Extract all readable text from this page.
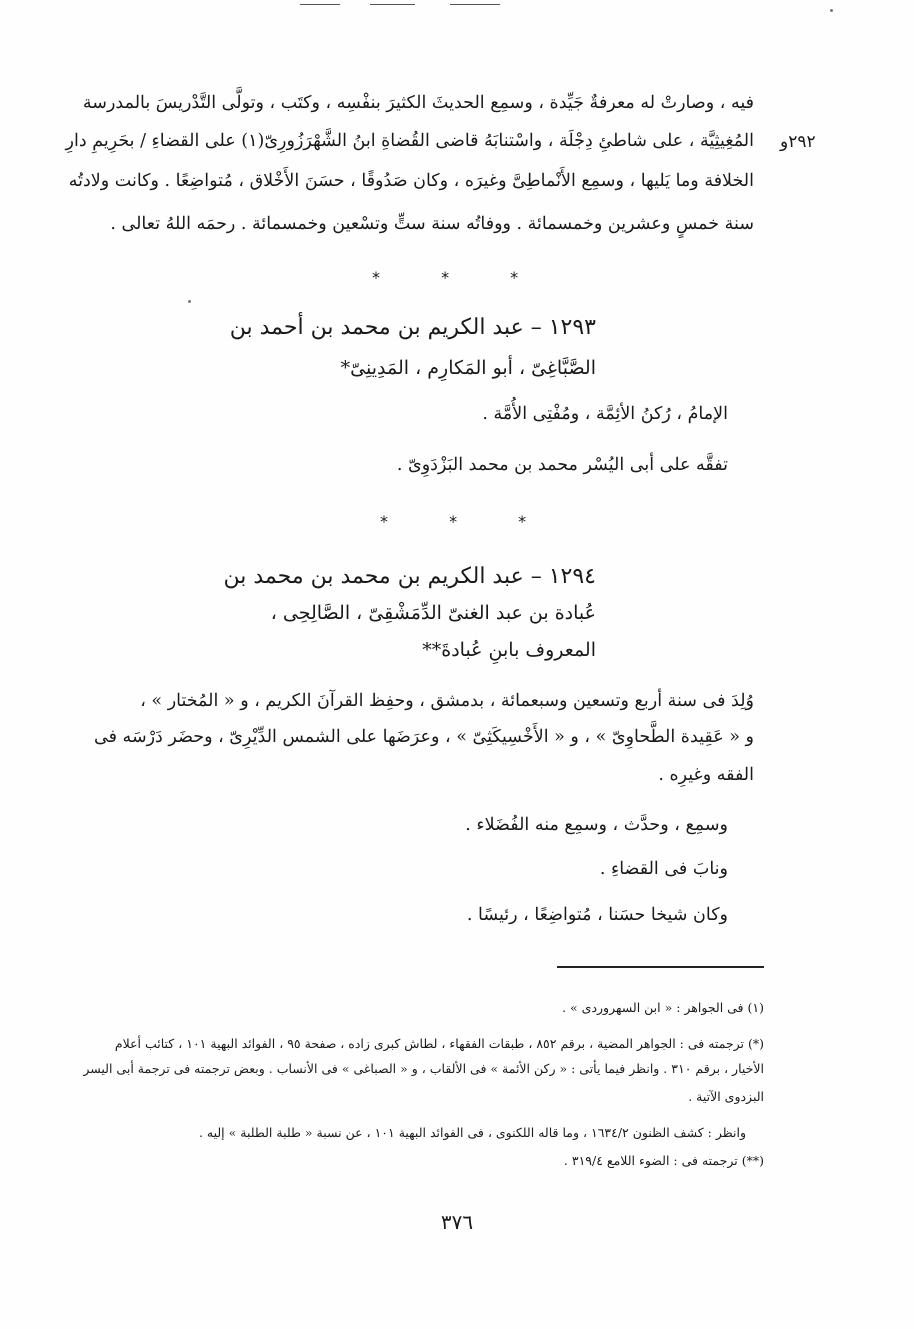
فيه ، وصارتْ له معرفةٌ جَيِّدة ، وسمِع الحديثَ الكثيرَ بنفْسِه ، وكتَب ، وتولَّى التَّدْريسَ بالمدرسة
المُغِيثِيَّة ، على شاطئِ دِجْلَة ، واسْتنابَهُ قاضى القُضاةِ ابنُ الشَّهْرَزُورِىّ(١) على القضاءِ / بحَرِيمِ دارِ ٢٩٢و
الخلافة وما يَليها ، وسمِع الأَنْماطِىَّ وغيرَه ، وكان صَدُوقًا ، حسَنَ الأَخْلاق ، مُتواضِعًا . وكانت ولادتُه
سنة خمسٍ وعشرين وخمسمائة . ووفاتُه سنة ستٍّ وتسْعين وخمسمائة . رحمَه اللهُ تعالى .
* * *
١٢٩٣ – عبد الكريم بن محمد بن أحمد بن
الصَّبَّاغِىّ ، أبو المَكارِم ، المَدِينِىّ*
الإمامُ ، رُكنُ الأئِمَّة ، ومُفْتِى الأُمَّة .
تفقَّه على أبى اليُسْر محمد بن محمد البَزْدَوِىّ .
* * *
١٢٩٤ – عبد الكريم بن محمد بن محمد بن
عُبادة بن عبد الغنىّ الدِّمَشْقِىّ ، الصَّالِحِى ،
المعروف بابنِ عُبادةَ**
وُلِدَ فى سنة أربع وتسعين وسبعمائة ، بدمشق ، وحفِظ القرآنَ الكريم ، و « المُختار » ،
و « عَقِيدة الطَّحاوِىّ » ، و « الأَخْسِيكَثِىّ » ، وعرَضَها على الشمس الدِّيْرِىّ ، وحضَر دَرْسَه فى
الفقه وغيرِه .
وسمِع ، وحدَّث ، وسمِع منه الفُضَلاء .
ونابَ فى القضاءِ .
وكان شيخا حسَنا ، مُتواضِعًا ، رئيسًا .
(١) فى الجواهر : « ابن السهروردى » .
(*) ترجمته فى : الجواهر المضية ، برقم ٨٥٢ ، طبقات الفقهاء ، لطاش كبرى زاده ، صفحة ٩٥ ، الفوائد البهية ١٠١ ، كتائب أعلام
الأخيار ، برقم ٣١٠ . وانظر فيما يأتى : « ركن الأئمة » فى الألقاب ، و « الصباغى » فى الأنساب . وبعض ترجمته فى ترجمة أبى اليسر
البزدوى الآتية .
وانظر : كشف الظنون ١٦٣٤/٢ ، وما قاله اللكنوى ، فى الفوائد البهية ١٠١ ، عن نسبة « طلبة الطلبة » إليه .
(**) ترجمته فى : الضوء اللامع ٣١٩/٤ .
٣٧٦
